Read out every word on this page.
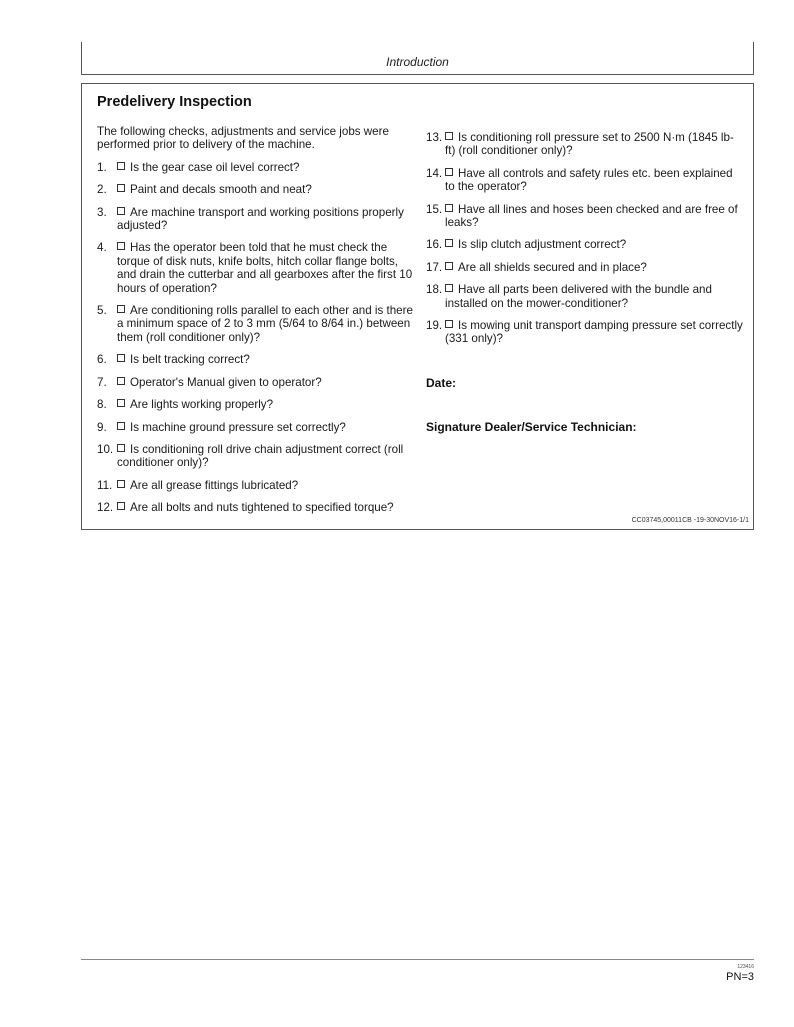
Introduction
Predelivery Inspection

The following checks, adjustments and service jobs were performed prior to delivery of the machine.

1.	Is the gear case oil level correct?
2.	Paint and decals smooth and neat?
3.	Are machine transport and working positions properly adjusted?
4.	Has the operator been told that he must check the torque of disk nuts, knife bolts, hitch collar flange bolts, and drain the cutterbar and all gearboxes after the first 10 hours of operation?
5.	Are conditioning rolls parallel to each other and is there a minimum space of 2 to 3 mm (5/64 to 8/64 in.) between them (roll conditioner only)?
6.	Is belt tracking correct?
7.	Operator's Manual given to operator?
8.	Are lights working properly?
9.	Is machine ground pressure set correctly?
10.	Is conditioning roll drive chain adjustment correct (roll conditioner only)?
11.	Are all grease fittings lubricated?
12.	Are all bolts and nuts tightened to specified torque?
13.	Is conditioning roll pressure set to 2500 N·m (1845 lb-ft) (roll conditioner only)?
14.	Have all controls and safety rules etc. been explained to the operator?
15.	Have all lines and hoses been checked and are free of leaks?
16.	Is slip clutch adjustment correct?
17.	Are all shields secured and in place?
18.	Have all parts been delivered with the bundle and installed on the mower-conditioner?
19.	Is mowing unit transport damping pressure set correctly (331 only)?
Date:
Signature Dealer/Service Technician:
CC03745,00011CB -19-30NOV16-1/1
123416
PN=3
